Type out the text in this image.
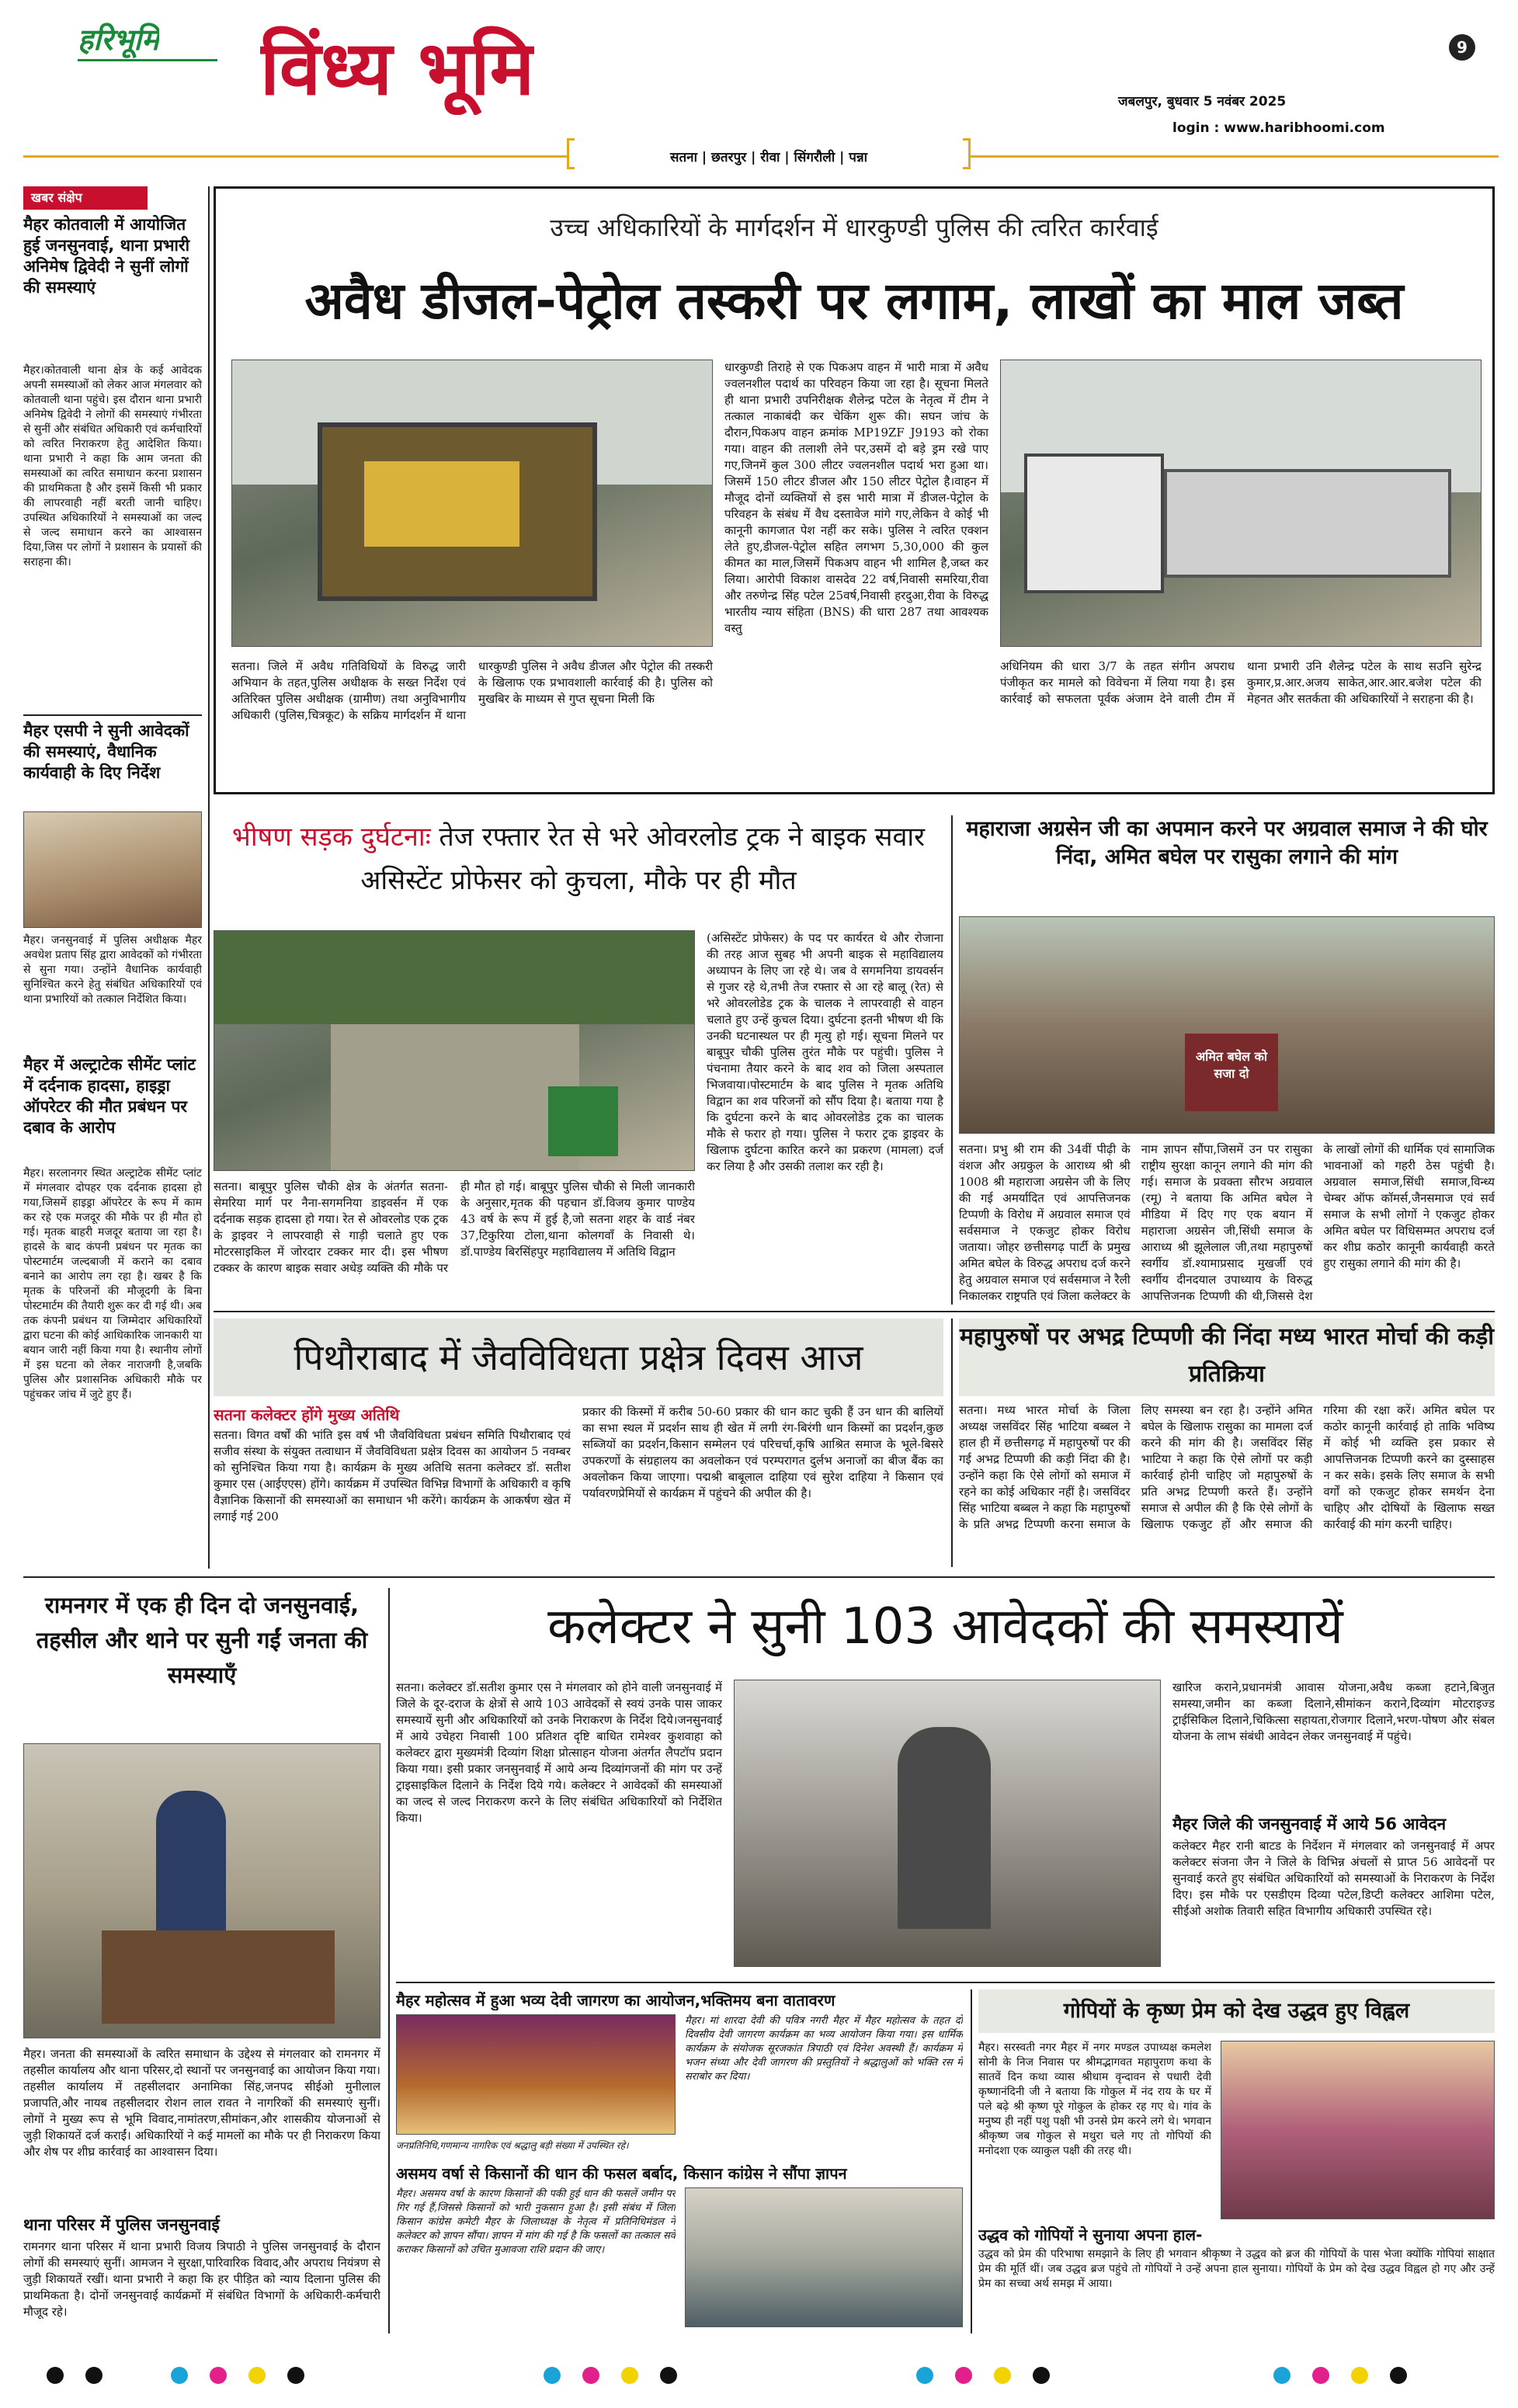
हरिभूमि विंध्य भूमि	9
जबलपुर, बुधवार 5 नवंबर 2025
login : www.haribhoomi.com
सतना | छतरपुर | रीवा | सिंगरौली | पन्ना
खबर संक्षेप
मैहर कोतवाली में आयोजित हुई जनसुनवाई, थाना प्रभारी अनिमेष द्विवेदी ने सुनीं लोगों की समस्याएं
मैहर।कोतवाली थाना क्षेत्र के कई आवेदक अपनी समस्याओं को लेकर आज मंगलवार को कोतवाली थाना पहुंचे। इस दौरान थाना प्रभारी अनिमेष द्विवेदी ने लोगों की समस्याएं गंभीरता से सुनीं और संबंधित अधिकारी एवं कर्मचारियों को त्वरित निराकरण हेतु आदेशित किया। थाना प्रभारी ने कहा कि आम जनता की समस्याओं का त्वरित समाधान करना प्रशासन की प्राथमिकता है और इसमें किसी भी प्रकार की लापरवाही नहीं बरती जानी चाहिए। उपस्थित अधिकारियों ने समस्याओं का जल्द से जल्द समाधान करने का आश्वासन दिया,जिस पर लोगों ने प्रशासन के प्रयासों की सराहना की।
मैहर एसपी ने सुनी आवेदकों की समस्याएं, वैधानिक कार्यवाही के दिए निर्देश
मैहर। जनसुनवाई में पुलिस अधीक्षक मैहर अवधेश प्रताप सिंह द्वारा आवेदकों को गंभीरता से सुना गया। उन्होंने वैधानिक कार्यवाही सुनिश्चित करने हेतु संबंधित अधिकारियों एवं थाना प्रभारियों को तत्काल निर्देशित किया।
मैहर में अल्ट्राटेक सीमेंट प्लांट में दर्दनाक हादसा, हाइड्रा ऑपरेटर की मौत प्रबंधन पर दबाव के आरोप
मैहर। सरलानगर स्थित अल्ट्राटेक सीमेंट प्लांट में मंगलवार दोपहर एक दर्दनाक हादसा हो गया,जिसमें हाइड्रा ऑपरेटर के रूप में काम कर रहे एक मजदूर की मौके पर ही मौत हो गई। मृतक बाहरी मजदूर बताया जा रहा है। हादसे के बाद कंपनी प्रबंधन पर मृतक का पोस्टमार्टम जल्दबाजी में कराने का दबाव बनाने का आरोप लग रहा है। खबर है कि मृतक के परिजनों की मौजूदगी के बिना पोस्टमार्टम की तैयारी शुरू कर दी गई थी। अब तक कंपनी प्रबंधन या जिम्मेदार अधिकारियों द्वारा घटना की कोई आधिकारिक जानकारी या बयान जारी नहीं किया गया है। स्थानीय लोगों में इस घटना को लेकर नाराजगी है,जबकि पुलिस और प्रशासनिक अधिकारी मौके पर पहुंचकर जांच में जुटे हुए हैं।
उच्च अधिकारियों के मार्गदर्शन में धारकुण्डी पुलिस की त्वरित कार्रवाई
अवैध डीजल-पेट्रोल तस्करी पर लगाम, लाखों का माल जब्त
सतना। जिले में अवैध गतिविधियों के विरुद्ध जारी अभियान के तहत,पुलिस अधीक्षक के सख्त निर्देश एवं अतिरिक्त पुलिस अधीक्षक (ग्रामीण) तथा अनुविभागीय अधिकारी (पुलिस,चित्रकूट) के सक्रिय मार्गदर्शन में थाना धारकुण्डी पुलिस ने अवैध डीजल और पेट्रोल की तस्करी के खिलाफ एक प्रभावशाली कार्रवाई की है। पुलिस को मुखबिर के माध्यम से गुप्त सूचना मिली कि
धारकुण्डी तिराहे से एक पिकअप वाहन में भारी मात्रा में अवैध ज्वलनशील पदार्थ का परिवहन किया जा रहा है। सूचना मिलते ही थाना प्रभारी उपनिरीक्षक शैलेन्द्र पटेल के नेतृत्व में टीम ने तत्काल नाकाबंदी कर चेकिंग शुरू की। सघन जांच के दौरान,पिकअप वाहन क्रमांक MP19ZF J9193 को रोका गया। वाहन की तलाशी लेने पर,उसमें दो बड़े ड्रम रखे पाए गए,जिनमें कुल 300 लीटर ज्वलनशील पदार्थ भरा हुआ था। जिसमें 150 लीटर डीजल और 150 लीटर पेट्रोल है।वाहन में मौजूद दोनों व्यक्तियों से इस भारी मात्रा में डीजल-पेट्रोल के परिवहन के संबंध में वैध दस्तावेज मांगे गए,लेकिन वे कोई भी कानूनी कागजात पेश नहीं कर सके। पुलिस ने त्वरित एक्शन लेते हुए,डीजल-पेट्रोल सहित लगभग 5,30,000 की कुल कीमत का माल,जिसमें पिकअप वाहन भी शामिल है,जब्त कर लिया। आरोपी विकाश वासदेव 22 वर्ष,निवासी समरिया,रीवा और तरुणेन्द्र सिंह पटेल 25वर्ष,निवासी हरदुआ,रीवा के विरुद्ध भारतीय न्याय संहिता (BNS) की धारा 287 तथा आवश्यक वस्तु
अधिनियम की धारा 3/7 के तहत संगीन अपराध पंजीकृत कर मामले को विवेचना में लिया गया है। इस कार्रवाई को सफलता पूर्वक अंजाम देने वाली टीम में थाना प्रभारी उनि शैलेन्द्र पटेल के साथ सउनि सुरेन्द्र कुमार,प्र.आर.अजय साकेत,आर.आर.बजेश पटेल की मेहनत और सतर्कता की अधिकारियों ने सराहना की है।
भीषण सड़क दुर्घटनाः तेज रफ्तार रेत से भरे ओवरलोड ट्रक ने बाइक सवार असिस्टेंट प्रोफेसर को कुचला, मौके पर ही मौत
सतना। बाबूपुर पुलिस चौकी क्षेत्र के अंतर्गत सतना-सेमरिया मार्ग पर नैना-सगमनिया डाइवर्सन में एक दर्दनाक सड़क हादसा हो गया। रेत से ओवरलोड एक ट्रक के ड्राइवर ने लापरवाही से गाड़ी चलाते हुए एक मोटरसाइकिल में जोरदार टक्कर मार दी। इस भीषण टक्कर के कारण बाइक सवार अधेड़ व्यक्ति की मौके पर ही मौत हो गई। बाबूपुर पुलिस चौकी से मिली जानकारी के अनुसार,मृतक की पहचान डॉ.विजय कुमार पाण्डेय 43 वर्ष के रूप में हुई है,जो सतना शहर के वार्ड नंबर 37,टिकुरिया टोला,थाना कोलगवाँ के निवासी थे।डॉ.पाण्डेय बिरसिंहपुर महाविद्यालय में अतिथि विद्वान
(असिस्टेंट प्रोफेसर) के पद पर कार्यरत थे और रोजाना की तरह आज सुबह भी अपनी बाइक से महाविद्यालय अध्यापन के लिए जा रहे थे। जब वे सगमनिया डायवर्सन से गुजर रहे थे,तभी तेज रफ्तार से आ रहे बालू (रेत) से भरे ओवरलोडेड ट्रक के चालक ने लापरवाही से वाहन चलाते हुए उन्हें कुचल दिया। दुर्घटना इतनी भीषण थी कि उनकी घटनास्थल पर ही मृत्यु हो गई। सूचना मिलने पर बाबूपुर चौकी पुलिस तुरंत मौके पर पहुंची। पुलिस ने पंचनामा तैयार करने के बाद शव को जिला अस्पताल भिजवाया।पोस्टमार्टम के बाद पुलिस ने मृतक अतिथि विद्वान का शव परिजनों को सौंप दिया है। बताया गया है कि दुर्घटना करने के बाद ओवरलोडेड ट्रक का चालक मौके से फरार हो गया। पुलिस ने फरार ट्रक ड्राइवर के खिलाफ दुर्घटना कारित करने का प्रकरण (मामला) दर्ज कर लिया है और उसकी तलाश कर रही है।
महाराजा अग्रसेन जी का अपमान करने पर अग्रवाल समाज ने की घोर निंदा, अमित बघेल पर रासुका लगाने की मांग
अमित बघेल को सजा दो
सतना। प्रभु श्री राम की 34वीं पीढ़ी के वंशज और अग्रकुल के आराध्य श्री श्री 1008 श्री महाराजा अग्रसेन जी के लिए की गई अमर्यादित एवं आपत्तिजनक टिप्पणी के विरोध में अग्रवाल समाज एवं सर्वसमाज ने एकजुट होकर विरोध जताया। जोहर छत्तीसगढ़ पार्टी के प्रमुख अमित बघेल के विरुद्ध अपराध दर्ज करने हेतु अग्रवाल समाज एवं सर्वसमाज ने रैली निकालकर राष्ट्रपति एवं जिला कलेक्टर के नाम ज्ञापन सौंपा,जिसमें उन पर रासुका राष्ट्रीय सुरक्षा कानून लगाने की मांग की गई। समाज के प्रवक्ता सौरभ अग्रवाल (रमू) ने बताया कि अमित बघेल ने मीडिया में दिए गए एक बयान में महाराजा अग्रसेन जी,सिंधी समाज के आराध्य श्री झूलेलाल जी,तथा महापुरुषों स्वर्गीय डॉ.श्यामाप्रसाद मुखर्जी एवं स्वर्गीय दीनदयाल उपाध्याय के विरुद्ध आपत्तिजनक टिप्पणी की थी,जिससे देश के लाखों लोगों की धार्मिक एवं सामाजिक भावनाओं को गहरी ठेस पहुंची है।अग्रवाल समाज,सिंधी समाज,विन्ध्य चेम्बर ऑफ कॉमर्स,जैनसमाज एवं सर्व समाज के सभी लोगों ने एकजुट होकर अमित बघेल पर विधिसम्मत अपराध दर्ज कर शीघ्र कठोर कानूनी कार्यवाही करते हुए रासुका लगाने की मांग की है।
पिथौराबाद में जैवविविधता प्रक्षेत्र दिवस आज
सतना कलेक्टर होंगे मुख्य अतिथि
सतना। विगत वर्षों की भांति इस वर्ष भी जैवविविधता प्रबंधन समिति पिथौराबाद एवं सजीव संस्था के संयुक्त तत्वाधान में जैवविविधता प्रक्षेत्र दिवस का आयोजन 5 नवम्बर को सुनिश्चित किया गया है। कार्यक्रम के मुख्य अतिथि सतना कलेक्टर डॉ. सतीश कुमार एस (आईएएस) होंगे। कार्यक्रम में उपस्थित विभिन्न विभागों के अधिकारी व कृषि वैज्ञानिक किसानों की समस्याओं का समाधान भी करेंगे। कार्यक्रम के आकर्षण खेत में लगाई गई 200
प्रकार की किस्मों में करीब 50-60 प्रकार की धान काट चुकी हैं उन धान की बालियों का सभा स्थल में प्रदर्शन साथ ही खेत में लगी रंग-बिरंगी धान किस्मों का प्रदर्शन,कुछ सब्जियों का प्रदर्शन,किसान सम्मेलन एवं परिचर्चा,कृषि आश्रित समाज के भूले-बिसरे उपकरणों के संग्रहालय का अवलोकन एवं परम्परागत दुर्लभ अनाजों का बीज बैंक का अवलोकन किया जाएगा। पद्मश्री बाबूलाल दाहिया एवं सुरेश दाहिया ने किसान एवं पर्यावरणप्रेमियों से कार्यक्रम में पहुंचने की अपील की है।
महापुरुषों पर अभद्र टिप्पणी की निंदा मध्य भारत मोर्चा की कड़ी प्रतिक्रिया
सतना। मध्य भारत मोर्चा के जिला अध्यक्ष जसविंदर सिंह भाटिया बब्बल ने हाल ही में छत्तीसगढ़ में महापुरुषों पर की गई अभद्र टिप्पणी की कड़ी निंदा की है। उन्होंने कहा कि ऐसे लोगों को समाज में रहने का कोई अधिकार नहीं है। जसविंदर सिंह भाटिया बब्बल ने कहा कि महापुरुषों के प्रति अभद्र टिप्पणी करना समाज के लिए समस्या बन रहा है। उन्होंने अमित बघेल के खिलाफ रासुका का मामला दर्ज करने की मांग की है। जसविंदर सिंह भाटिया ने कहा कि ऐसे लोगों पर कड़ी कार्रवाई होनी चाहिए जो महापुरुषों के प्रति अभद्र टिप्पणी करते हैं। उन्होंने समाज से अपील की है कि ऐसे लोगों के खिलाफ एकजुट हों और समाज की गरिमा की रक्षा करें। अमित बघेल पर कठोर कानूनी कार्रवाई हो ताकि भविष्य में कोई भी व्यक्ति इस प्रकार से आपत्तिजनक टिप्पणी करने का दुस्साहस न कर सके। इसके लिए समाज के सभी वर्गों को एकजुट होकर समर्थन देना चाहिए और दोषियों के खिलाफ सख्त कार्रवाई की मांग करनी चाहिए।
रामनगर में एक ही दिन दो जनसुनवाई, तहसील और थाने पर सुनी गईं जनता की समस्याएँ
मैहर। जनता की समस्याओं के त्वरित समाधान के उद्देश्य से मंगलवार को रामनगर में तहसील कार्यालय और थाना परिसर,दो स्थानों पर जनसुनवाई का आयोजन किया गया।तहसील कार्यालय में तहसीलदार अनामिका सिंह,जनपद सीईओ मुनीलाल प्रजापति,और नायब तहसीलदार रोशन लाल रावत ने नागरिकों की समस्याएं सुनीं। लोगों ने मुख्य रूप से भूमि विवाद,नामांतरण,सीमांकन,और शासकीय योजनाओं से जुड़ी शिकायतें दर्ज कराईं। अधिकारियों ने कई मामलों का मौके पर ही निराकरण किया और शेष पर शीघ्र कार्रवाई का आश्वासन दिया।
थाना परिसर में पुलिस जनसुनवाई
रामनगर थाना परिसर में थाना प्रभारी विजय त्रिपाठी ने पुलिस जनसुनवाई के दौरान लोगों की समस्याएं सुनीं। आमजन ने सुरक्षा,पारिवारिक विवाद,और अपराध नियंत्रण से जुड़ी शिकायतें रखीं। थाना प्रभारी ने कहा कि हर पीड़ित को न्याय दिलाना पुलिस की प्राथमिकता है। दोनों जनसुनवाई कार्यक्रमों में संबंधित विभागों के अधिकारी-कर्मचारी मौजूद रहे।
कलेक्टर ने सुनी 103 आवेदकों की समस्यायें
सतना। कलेक्टर डॉ.सतीश कुमार एस ने मंगलवार को होने वाली जनसुनवाई में जिले के दूर-दराज के क्षेत्रों से आये 103 आवेदकों से स्वयं उनके पास जाकर समस्यायें सुनी और अधिकारियों को उनके निराकरण के निर्देश दिये।जनसुनवाई में आये उचेहरा निवासी 100 प्रतिशत दृष्टि बाधित रामेश्वर कुशवाहा को कलेक्टर द्वारा मुख्यमंत्री दिव्यांग शिक्षा प्रोत्साहन योजना अंतर्गत लैपटॉप प्रदान किया गया। इसी प्रकार जनसुनवाई में आये अन्य दिव्यांगजनों की मांग पर उन्हें ट्राइसाइकिल दिलाने के निर्देश दिये गये। कलेक्टर ने आवेदकों की समस्याओं का जल्द से जल्द निराकरण करने के लिए संबंधित अधिकारियों को निर्देशित किया।
खारिज कराने,प्रधानमंत्री आवास योजना,अवैध कब्जा हटाने,बिजुत समस्या,जमीन का कब्जा दिलाने,सीमांकन कराने,दिव्यांग मोटराइज्ड ट्राईसिकिल दिलाने,चिकित्सा सहायता,रोजगार दिलाने,भरण-पोषण और संबल योजना के लाभ संबंधी आवेदन लेकर जनसुनवाई में पहुंचे।
मैहर जिले की जनसुनवाई में आये 56 आवेदन
कलेक्टर मैहर रानी बाटड के निर्देशन में मंगलवार को जनसुनवाई में अपर कलेक्टर संजना जैन ने जिले के विभिन्न अंचलों से प्राप्त 56 आवेदनों पर सुनवाई करते हुए संबंधित अधिकारियों को समस्याओं के निराकरण के निर्देश दिए। इस मौके पर एसडीएम दिव्या पटेल,डिप्टी कलेक्टर आशिमा पटेल, सीईओ अशोक तिवारी सहित विभागीय अधिकारी उपस्थित रहे।
मैहर महोत्सव में हुआ भव्य देवी जागरण का आयोजन,भक्तिमय बना वातावरण
मैहर। मां शारदा देवी की पवित्र नगरी मैहर में मैहर महोत्सव के तहत दो दिवसीय देवी जागरण कार्यक्रम का भव्य आयोजन किया गया। इस धार्मिक कार्यक्रम के संयोजक सूरजकांत त्रिपाठी एवं दिनेश अवस्थी हैं। कार्यक्रम में भजन संध्या और देवी जागरण की प्रस्तुतियों ने श्रद्धालुओं को भक्ति रस में सराबोर कर दिया।
जनप्रतिनिधि,गणमान्य नागरिक एवं श्रद्धालु बड़ी संख्या में उपस्थित रहे।
असमय वर्षा से किसानों की धान की फसल बर्बाद, किसान कांग्रेस ने सौंपा ज्ञापन
मैहर। असमय वर्षा के कारण किसानों की पकी हुई धान की फसलें जमीन पर गिर गई हैं,जिससे किसानों को भारी नुकसान हुआ है। इसी संबंध में जिला किसान कांग्रेस कमेटी मैहर के जिलाध्यक्ष के नेतृत्व में प्रतिनिधिमंडल ने कलेक्टर को ज्ञापन सौंपा। ज्ञापन में मांग की गई है कि फसलों का तत्काल सर्वे कराकर किसानों को उचित मुआवजा राशि प्रदान की जाए।
गोपियों के कृष्ण प्रेम को देख उद्धव हुए विह्वल
मैहर। सरस्वती नगर मैहर में नगर मण्डल उपाध्यक्ष कमलेश सोनी के निज निवास पर श्रीमद्भागवत महापुराण कथा के सातवें दिन कथा व्यास श्रीधाम वृन्दावन से पधारी देवी कृष्णानंदिनी जी ने बताया कि गोकुल में नंद राय के घर में पले बढ़े श्री कृष्ण पूरे गोकुल के होकर रह गए थे। गांव के मनुष्य ही नहीं पशु पक्षी भी उनसे प्रेम करने लगे थे। भगवान श्रीकृष्ण जब गोकुल से मथुरा चले गए तो गोपियों की मनोदशा एक व्याकुल पक्षी की तरह थी।
उद्धव को गोपियों ने सुनाया अपना हाल-
उद्धव को प्रेम की परिभाषा समझाने के लिए ही भगवान श्रीकृष्ण ने उद्धव को ब्रज की गोपियों के पास भेजा क्योंकि गोपियां साक्षात प्रेम की मूर्ति थीं। जब उद्धव ब्रज पहुंचे तो गोपियों ने उन्हें अपना हाल सुनाया। गोपियों के प्रेम को देख उद्धव विह्वल हो गए और उन्हें प्रेम का सच्चा अर्थ समझ में आया।
